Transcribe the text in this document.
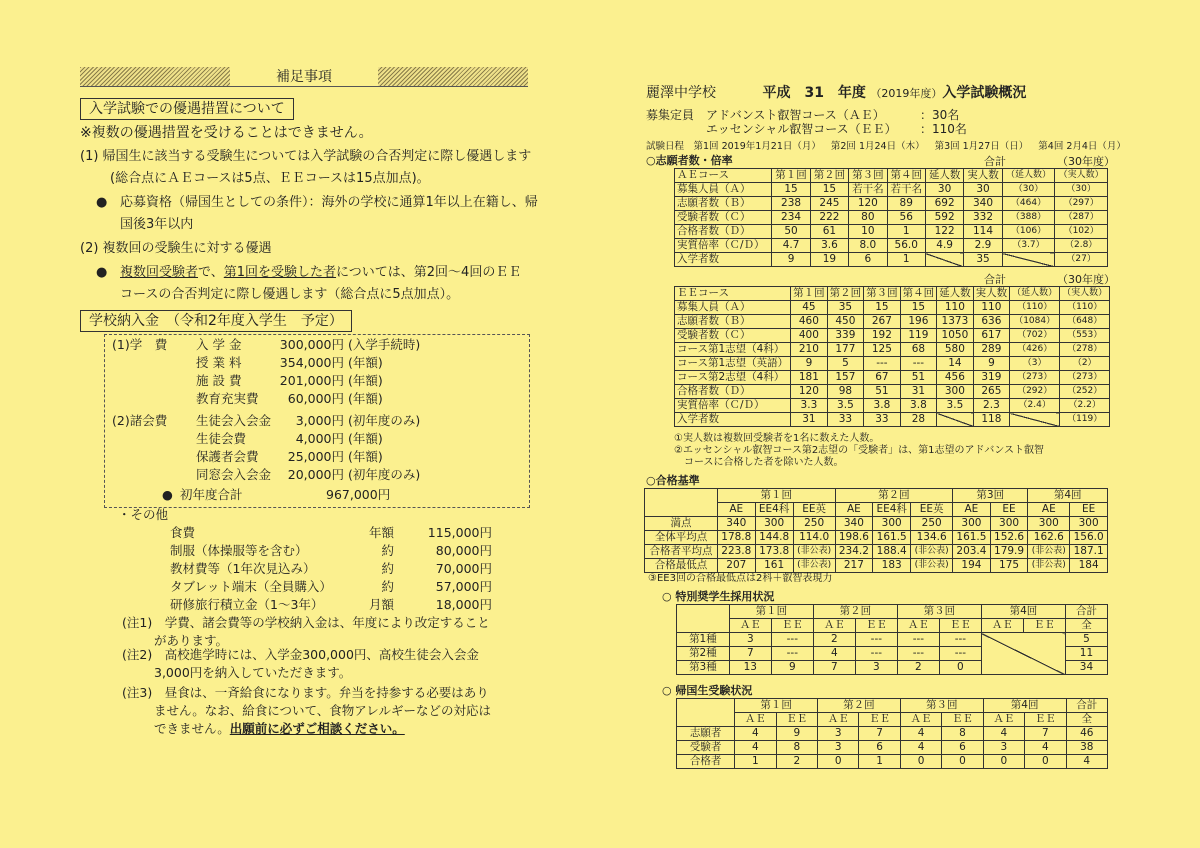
補足事項
入学試験での優遇措置について
※複数の優遇措置を受けることはできません。
(1) 帰国生に該当する受験生については入学試験の合否判定に際し優遇します
(総合点にＡＥコースは5点、ＥＥコースは15点加点)。
● 応募資格（帰国生としての条件）：海外の学校に通算1年以上在籍し、帰
国後3年以内
(2) 複数回の受験生に対する優遇
● 複数回受験者で、第1回を受験した者については、第2回～4回のＥＥ
コースの合否判定に際し優遇します（総合点に5点加点）。
学校納入金　（令和2年度入学生　予定）
(1)学　費 入 学 金	300,000円 (入学手続時)
授 業 料	354,000円 (年額)
施 設 費	201,000円 (年額)
教育充実費 60,000円 (年額)
(2)諸会費 生徒会入会金 3,000円 (初年度のみ)
生徒会費	4,000円 (年額)
保護者会費 25,000円 (年額)
同窓会入会金 20,000円 (初年度のみ)
● 初年度合計	967,000円
・その他
食費	年額	115,000円
制服（体操服等を含む）	約	80,000円
教材費等（1年次見込み）	約	70,000円
タブレット端末（全員購入）	約	57,000円
研修旅行積立金（1～3年）	月額	18,000円
(注1)　学費、諸会費等の学校納入金は、年度により改定すること
があります。
(注2)　高校進学時には、入学金300,000円、高校生徒会入会金
3,000円を納入していただきます。
(注3)　昼食は、一斉給食になります。弁当を持参する必要はあり
ません。なお、給食について、食物アレルギーなどの対応は
できません。出願前に必ずご相談ください。
麗澤中学校	平成　31　年度 （2019年度）入学試験概況
募集定員 アドバンスト叡智コース（ＡＥ）	：30名
エッセンシャル叡智コース（ＥＥ） ：110名
試験日程　第1回 2019年1月21日（月） 第2回 1月24日（木） 第3回 1月27日（日） 第4回 2月4日（月）
○志願者数・倍率	合計	（30年度）
ＡＥコース	第１回	第２回	第３回	第４回	延人数	実人数	（延人数）	（実人数）
募集人員（Ａ）	15	15	若干名	若干名	30	30	（30）	（30）
志願者数（Ｂ）	238	245	120	89	692	340	（464）	（297）
受験者数（Ｃ）	234	222	80	56	592	332	（388）	（287）
合格者数（Ｄ）	50	61	10	1	122	114	（106）	（102）
実質倍率（Ｃ/Ｄ）	4.7	3.6	8.0	56.0	4.9	2.9	（3.7）	（2.8）
入学者数	9	19	6	1		35		（27）
合計	（30年度）
ＥＥコース	第１回	第２回	第３回	第４回	延人数	実人数	（延人数）	（実人数）
募集人員（Ａ）	45	35	15	15	110	110	（110）	（110）
志願者数（Ｂ）	460	450	267	196	1373	636	（1084）	（648）
受験者数（Ｃ）	400	339	192	119	1050	617	（702）	（553）
コース第1志望（4科）	210	177	125	68	580	289	（426）	（278）
コース第1志望（英語）	9	5	---	---	14	9	（3）	（2）
コース第2志望（4科）	181	157	67	51	456	319	（273）	（273）
合格者数（Ｄ）	120	98	51	31	300	265	（292）	（252）
実質倍率（Ｃ/Ｄ）	3.3	3.5	3.8	3.8	3.5	2.3	（2.4）	（2.2）
入学者数	31	33	33	28		118		（119）
①実人数は複数回受験者を1名に数えた人数。
②エッセンシャル叡智コース第2志望の「受験者」は、第1志望のアドバンスト叡智
コースに合格した者を除いた人数。
○合格基準
	第１回			第２回			第3回		第4回	
	AE	EE4科	EE英	AE	EE4科	EE英	AE	EE	AE	EE
満点	340	300	250	340	300	250	300	300	300	300
全体平均点	178.8	144.8	114.0	198.6	161.5	134.6	161.5	152.6	162.6	156.0
合格者平均点	223.8	173.8	(非公表)	234.2	188.4	(非公表)	203.4	179.9	(非公表)	187.1
合格最低点	207	161	(非公表)	217	183	(非公表)	194	175	(非公表)	184
③EE3回の合格最低点は2科＋叡智表現力
○ 特別奨学生採用状況
	第１回		第２回		第３回		第4回		合計
	ＡＥ	ＥＥ	ＡＥ	ＥＥ	ＡＥ	ＥＥ	ＡＥ	ＥＥ	全
第1種	3	---	2	---	---	---			5
第2種	7	---	4	---	---	---			11
第3種	13	9	7	3	2	0			34
○ 帰国生受験状況
	第１回		第２回		第３回		第4回		合計
	ＡＥ	ＥＥ	ＡＥ	ＥＥ	ＡＥ	ＥＥ	ＡＥ	ＥＥ	全
志願者	4	9	3	7	4	8	4	7	46
受験者	4	8	3	6	4	6	3	4	38
合格者	1	2	0	1	0	0	0	0	4
